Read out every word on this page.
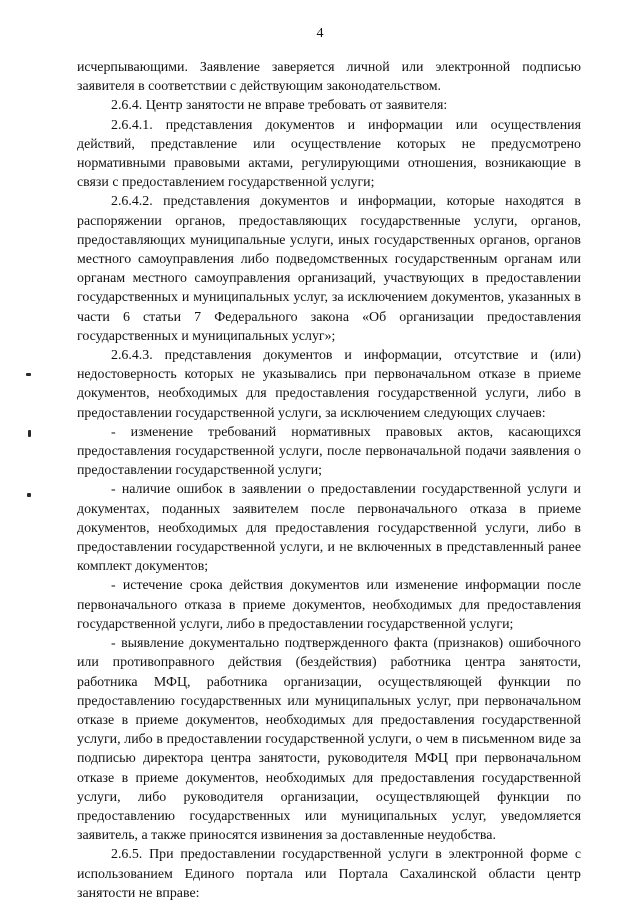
4

исчерпывающими. Заявление заверяется личной или электронной подписью заявителя в соответствии с действующим законодательством.

2.6.4. Центр занятости не вправе требовать от заявителя:

2.6.4.1. представления документов и информации или осуществления действий, представление или осуществление которых не предусмотрено нормативными правовыми актами, регулирующими отношения, возникающие в связи с предоставлением государственной услуги;

2.6.4.2. представления документов и информации, которые находятся в распоряжении органов, предоставляющих государственные услуги, органов, предоставляющих муниципальные услуги, иных государственных органов, органов местного самоуправления либо подведомственных государственным органам или органам местного самоуправления организаций, участвующих в предоставлении государственных и муниципальных услуг, за исключением документов, указанных в части 6 статьи 7 Федерального закона «Об организации предоставления государственных и муниципальных услуг»;

2.6.4.3. представления документов и информации, отсутствие и (или) недостоверность которых не указывались при первоначальном отказе в приеме документов, необходимых для предоставления государственной услуги, либо в предоставлении государственной услуги, за исключением следующих случаев:

- изменение требований нормативных правовых актов, касающихся предоставления государственной услуги, после первоначальной подачи заявления о предоставлении государственной услуги;

- наличие ошибок в заявлении о предоставлении государственной услуги и документах, поданных заявителем после первоначального отказа в приеме документов, необходимых для предоставления государственной услуги, либо в предоставлении государственной услуги, и не включенных в представленный ранее комплект документов;

- истечение срока действия документов или изменение информации после первоначального отказа в приеме документов, необходимых для предоставления государственной услуги, либо в предоставлении государственной услуги;

- выявление документально подтвержденного факта (признаков) ошибочного или противоправного действия (бездействия) работника центра занятости, работника МФЦ, работника организации, осуществляющей функции по предоставлению государственных или муниципальных услуг, при первоначальном отказе в приеме документов, необходимых для предоставления государственной услуги, либо в предоставлении государственной услуги, о чем в письменном виде за подписью директора центра занятости, руководителя МФЦ при первоначальном отказе в приеме документов, необходимых для предоставления государственной услуги, либо руководителя организации, осуществляющей функции по предоставлению государственных или муниципальных услуг, уведомляется заявитель, а также приносятся извинения за доставленные неудобства.

2.6.5. При предоставлении государственной услуги в электронной форме с использованием Единого портала или Портала Сахалинской области центр занятости не вправе:
